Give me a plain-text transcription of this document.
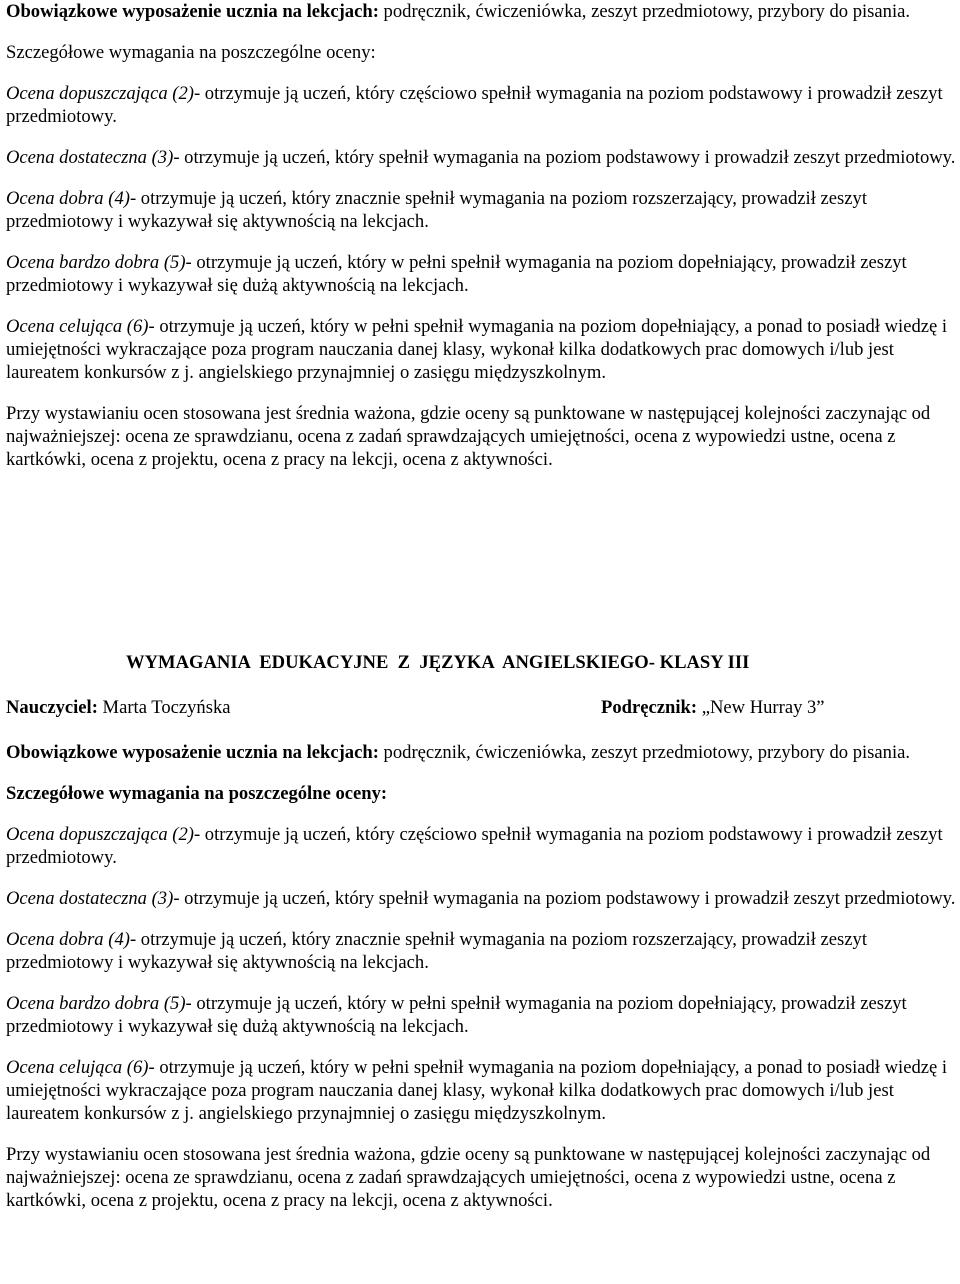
Obowiązkowe wyposażenie ucznia na lekcjach: podręcznik, ćwiczeniówka, zeszyt przedmiotowy, przybory do pisania.

Szczegółowe wymagania na poszczególne oceny:

Ocena dopuszczająca (2)- otrzymuje ją uczeń, który częściowo spełnił wymagania na poziom podstawowy i prowadził zeszyt przedmiotowy.

Ocena dostateczna (3)- otrzymuje ją uczeń, który spełnił wymagania na poziom podstawowy i prowadził zeszyt przedmiotowy.

Ocena dobra (4)- otrzymuje ją uczeń, który znacznie spełnił wymagania na poziom rozszerzający, prowadził zeszyt przedmiotowy i wykazywał się aktywnością na lekcjach.

Ocena bardzo dobra (5)- otrzymuje ją uczeń, który w pełni spełnił wymagania na poziom dopełniający, prowadził zeszyt przedmiotowy i wykazywał się dużą aktywnością na lekcjach.

Ocena celująca (6)- otrzymuje ją uczeń, który w pełni spełnił wymagania na poziom dopełniający, a ponad to posiadł wiedzę i umiejętności wykraczające poza program nauczania danej klasy, wykonał kilka dodatkowych prac domowych i/lub jest laureatem konkursów z j. angielskiego przynajmniej o zasięgu międzyszkolnym.

Przy wystawianiu ocen stosowana jest średnia ważona, gdzie oceny są punktowane w następującej kolejności zaczynając od najważniejszej: ocena ze sprawdzianu, ocena z zadań sprawdzających umiejętności, ocena z wypowiedzi ustne, ocena z kartkówki, ocena z projektu, ocena z pracy na lekcji, ocena z aktywności.

WYMAGANIA  EDUKACYJNE  Z  JĘZYKA  ANGIELSKIEGO- KLASY III

Nauczyciel: Marta Toczyńska	Podręcznik: „New Hurray 3”

Obowiązkowe wyposażenie ucznia na lekcjach: podręcznik, ćwiczeniówka, zeszyt przedmiotowy, przybory do pisania.

Szczegółowe wymagania na poszczególne oceny:

Ocena dopuszczająca (2)- otrzymuje ją uczeń, który częściowo spełnił wymagania na poziom podstawowy i prowadził zeszyt przedmiotowy.

Ocena dostateczna (3)- otrzymuje ją uczeń, który spełnił wymagania na poziom podstawowy i prowadził zeszyt przedmiotowy.

Ocena dobra (4)- otrzymuje ją uczeń, który znacznie spełnił wymagania na poziom rozszerzający, prowadził zeszyt przedmiotowy i wykazywał się aktywnością na lekcjach.

Ocena bardzo dobra (5)- otrzymuje ją uczeń, który w pełni spełnił wymagania na poziom dopełniający, prowadził zeszyt przedmiotowy i wykazywał się dużą aktywnością na lekcjach.

Ocena celująca (6)- otrzymuje ją uczeń, który w pełni spełnił wymagania na poziom dopełniający, a ponad to posiadł wiedzę i umiejętności wykraczające poza program nauczania danej klasy, wykonał kilka dodatkowych prac domowych i/lub jest laureatem konkursów z j. angielskiego przynajmniej o zasięgu międzyszkolnym.

Przy wystawianiu ocen stosowana jest średnia ważona, gdzie oceny są punktowane w następującej kolejności zaczynając od najważniejszej: ocena ze sprawdzianu, ocena z zadań sprawdzających umiejętności, ocena z wypowiedzi ustne, ocena z kartkówki, ocena z projektu, ocena z pracy na lekcji, ocena z aktywności.
